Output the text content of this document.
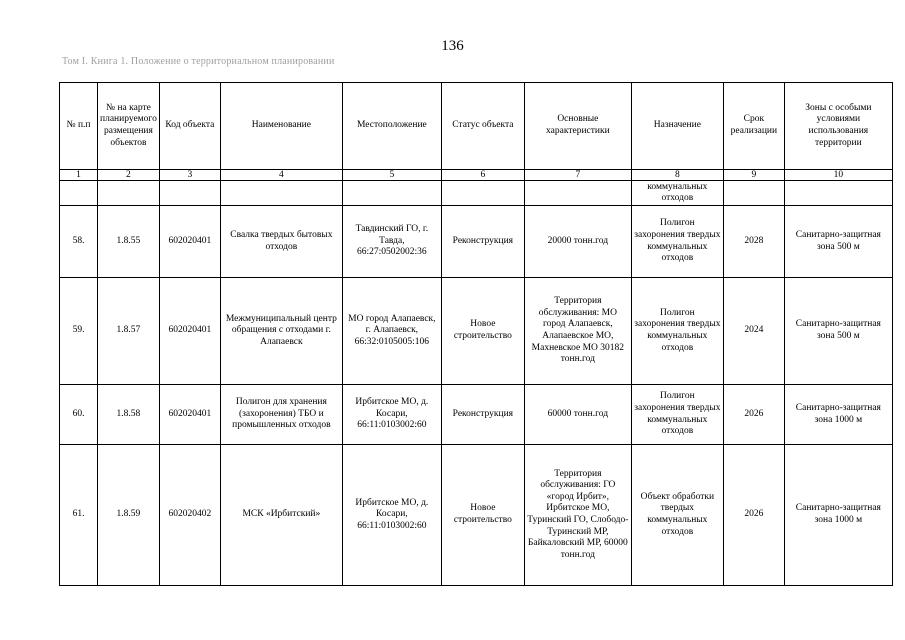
136
Том I. Книга 1. Положение о территориальном планировании
№ п.п	№ на карте планируемого размещения объектов	Код объекта	Наименование	Местоположение	Статус объекта	Основные характеристики	Назначение	Срок реализации	Зоны с особыми условиями использования территории
1	2	3	4	5	6	7	8	9	10
							коммунальных отходов		
58.	1.8.55	602020401	Свалка твердых бытовых отходов	Тавдинский ГО, г. Тавда, 66:27:0502002:36	Реконструкция	20000 тонн.год	Полигон захоронения твердых коммунальных отходов	2028	Санитарно-защитная зона 500 м
59.	1.8.57	602020401	Межмуниципальный центр обращения с отходами г. Алапаевск	МО город Алапаевск, г. Алапаевск, 66:32:0105005:106	Новое строительство	Территория обслуживания: МО город Алапаевск, Алапаевское МО, Махневское МО 30182 тонн.год	Полигон захоронения твердых коммунальных отходов	2024	Санитарно-защитная зона 500 м
60.	1.8.58	602020401	Полигон для хранения (захоронения) ТБО и промышленных отходов	Ирбитское МО, д. Косари, 66:11:0103002:60	Реконструкция	60000 тонн.год	Полигон захоронения твердых коммунальных отходов	2026	Санитарно-защитная зона 1000 м
61.	1.8.59	602020402	МСК «Ирбитский»	Ирбитское МО, д. Косари, 66:11:0103002:60	Новое строительство	Территория обслуживания: ГО «город Ирбит», Ирбитское МО, Туринский ГО, Слободо-Туринский МР, Байкаловский МР, 60000 тонн.год	Объект обработки твердых коммунальных отходов	2026	Санитарно-защитная зона 1000 м
